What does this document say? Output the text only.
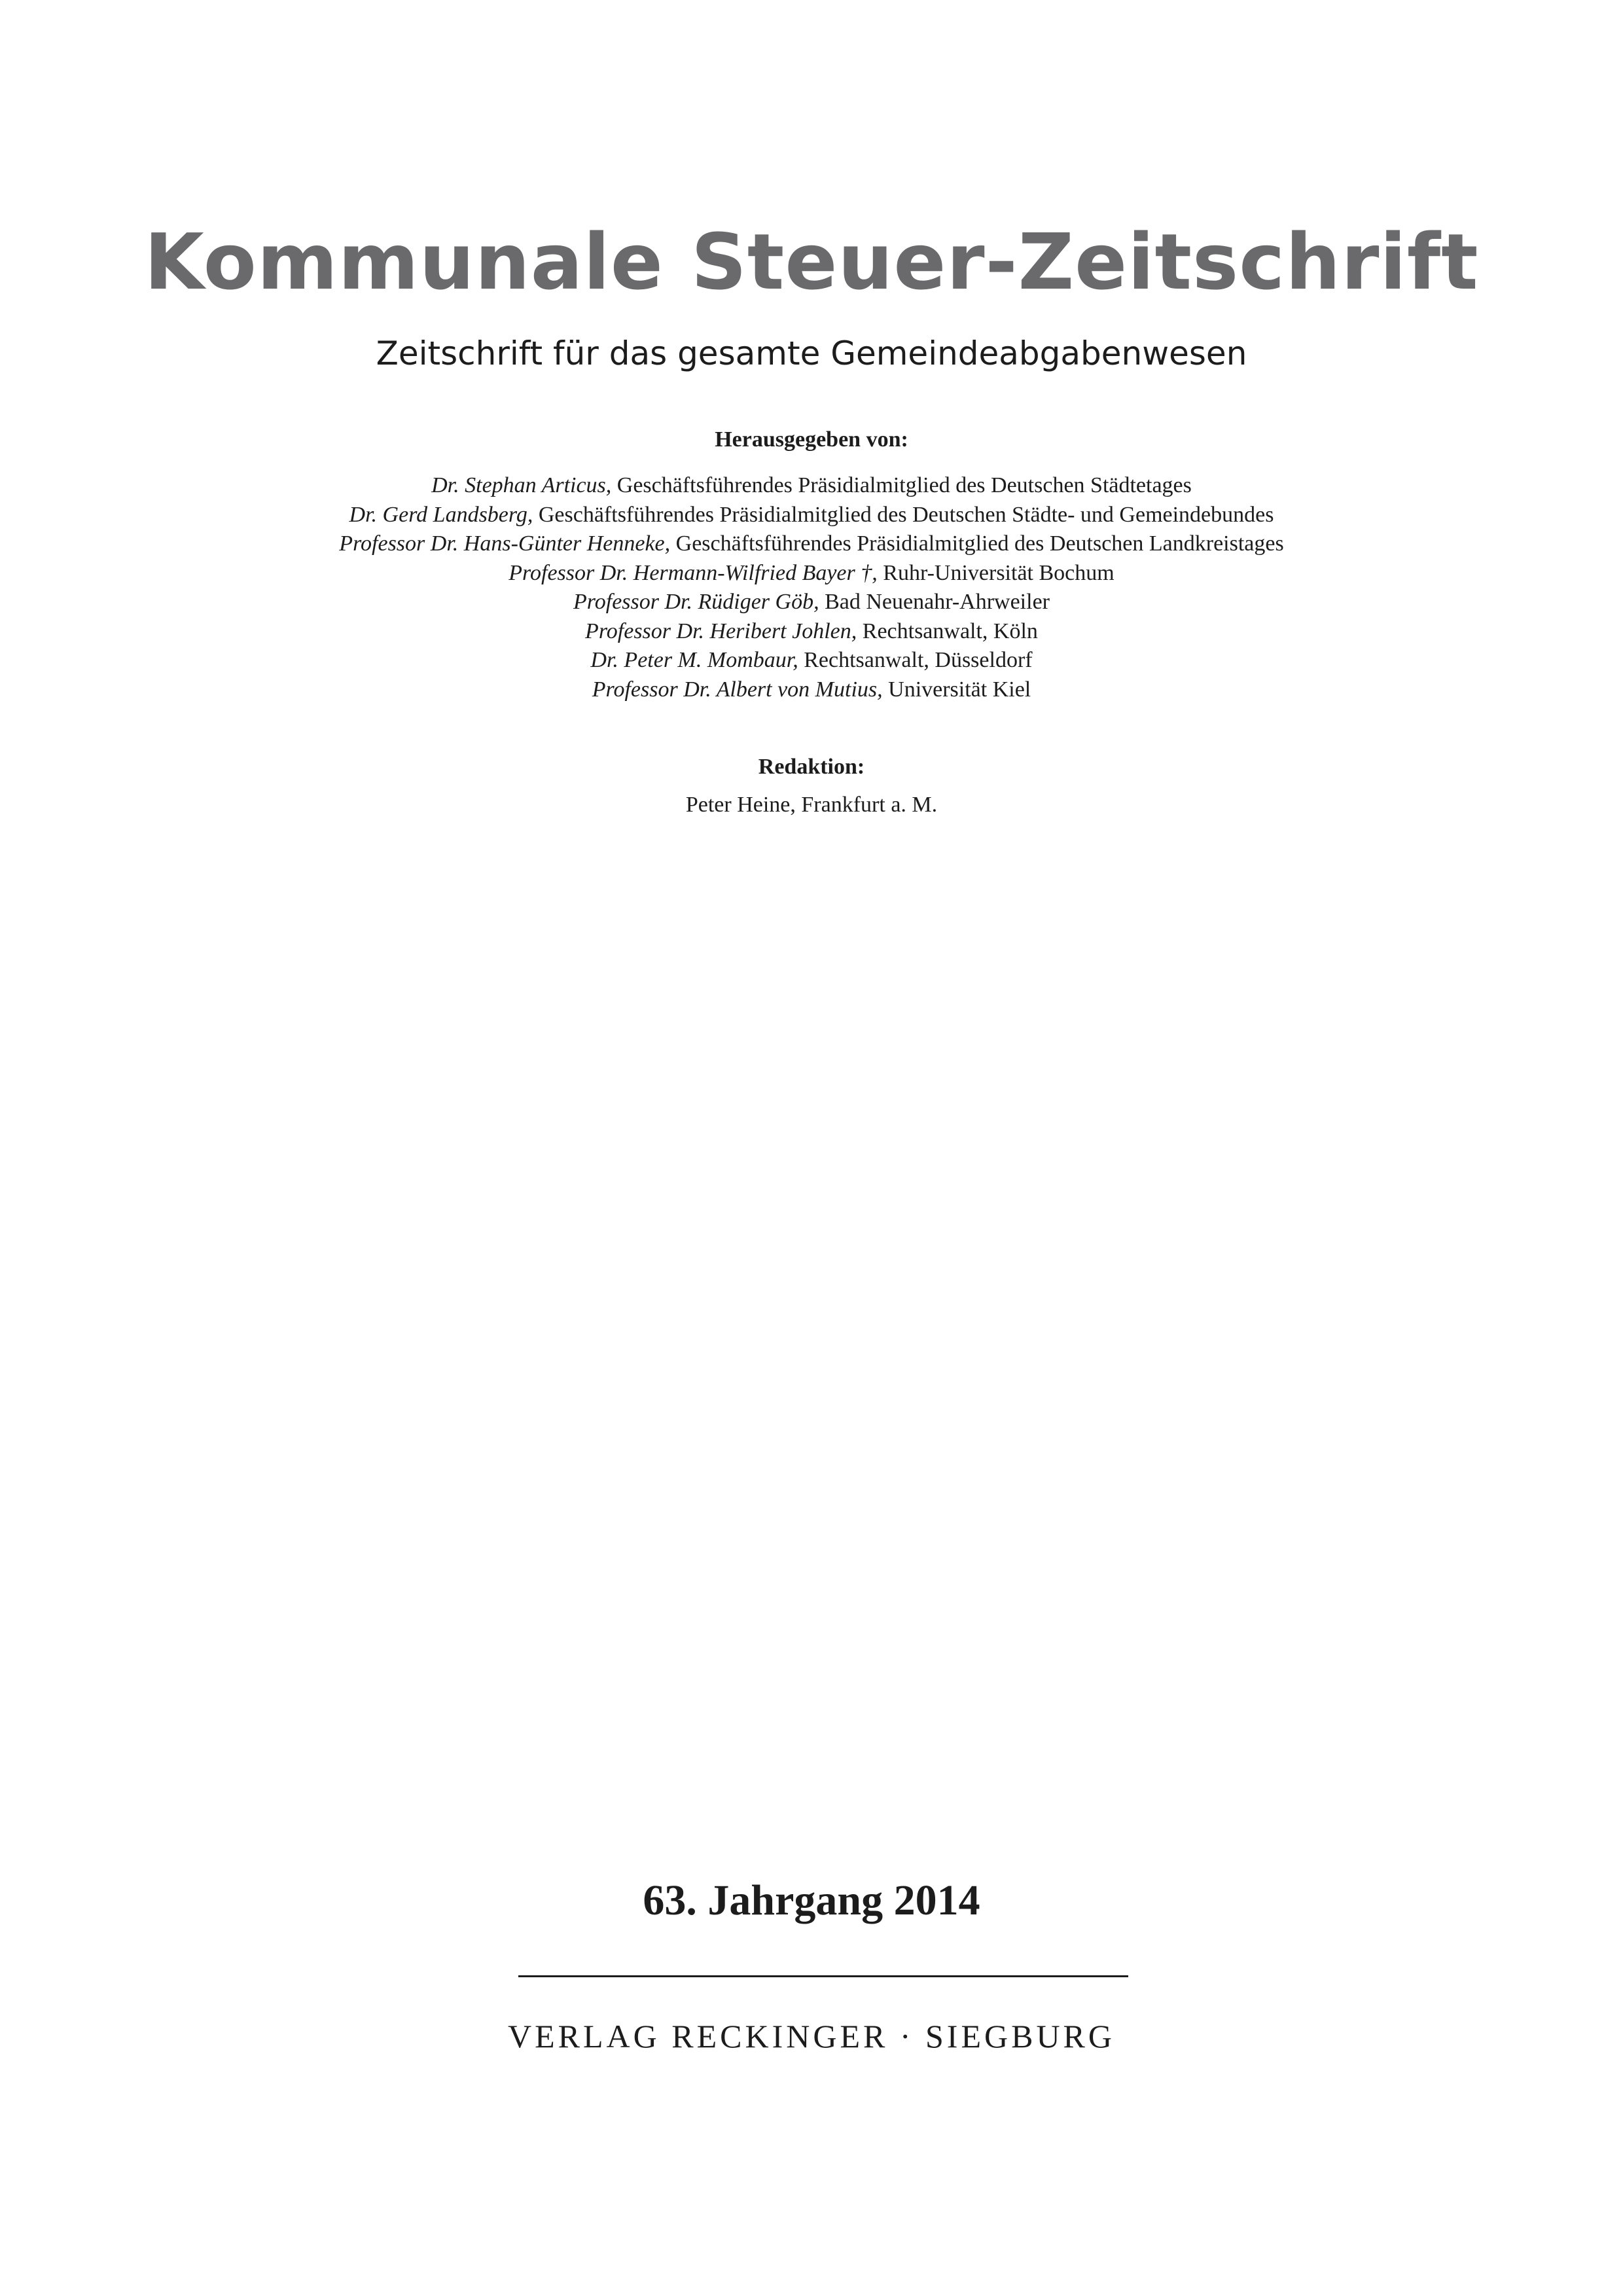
Kommunale Steuer-Zeitschrift
Zeitschrift für das gesamte Gemeindeabgabenwesen
Herausgegeben von:
Dr. Stephan Articus, Geschäftsführendes Präsidialmitglied des Deutschen Städtetages
Dr. Gerd Landsberg, Geschäftsführendes Präsidialmitglied des Deutschen Städte- und Gemeindebundes
Professor Dr. Hans-Günter Henneke, Geschäftsführendes Präsidialmitglied des Deutschen Landkreistages
Professor Dr. Hermann-Wilfried Bayer †, Ruhr-Universität Bochum
Professor Dr. Rüdiger Göb, Bad Neuenahr-Ahrweiler
Professor Dr. Heribert Johlen, Rechtsanwalt, Köln
Dr. Peter M. Mombaur, Rechtsanwalt, Düsseldorf
Professor Dr. Albert von Mutius, Universität Kiel
Redaktion:
Peter Heine, Frankfurt a. M.
63. Jahrgang 2014
VERLAG RECKINGER · SIEGBURG
